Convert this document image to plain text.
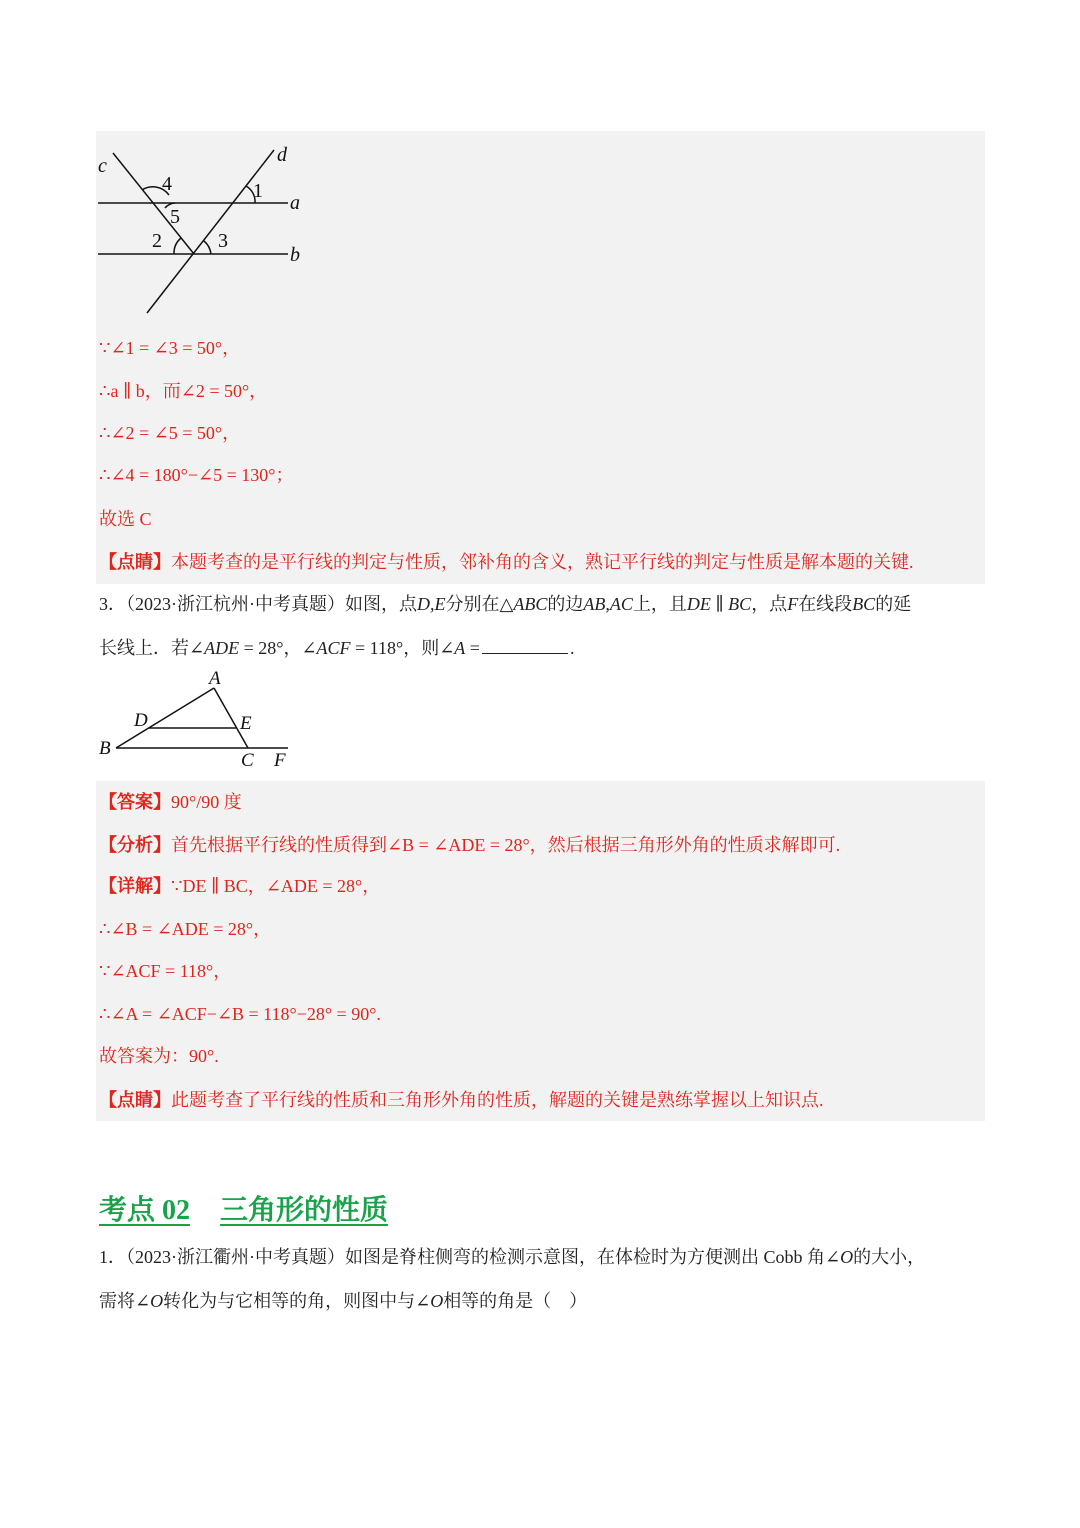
c	d
a
b
1
2	3
4
5
∵∠1 = ∠3 = 50°，
∴a ∥ b，而∠2 = 50°，
∴∠2 = ∠5 = 50°，
∴∠4 = 180°−∠5 = 130°；
故选 C
【点睛】本题考查的是平行线的判定与性质，邻补角的含义，熟记平行线的判定与性质是解本题的关键.
3．（2023·浙江杭州·中考真题）如图，点D,E分别在△ABC的边AB,AC上，且DE ∥ BC，点F在线段BC的延
长线上．若∠ADE = 28°，∠ACF = 118°，则∠A =	.
A
D	E
B
C F
【答案】90°/90 度
【分析】首先根据平行线的性质得到∠B = ∠ADE = 28°，然后根据三角形外角的性质求解即可.
【详解】∵DE ∥ BC，∠ADE = 28°，
∴∠B = ∠ADE = 28°，
∵∠ACF = 118°，
∴∠A = ∠ACF−∠B = 118°−28° = 90°.
故答案为：90°.
【点睛】此题考查了平行线的性质和三角形外角的性质，解题的关键是熟练掌握以上知识点.
考点 02 三角形的性质
1．（2023·浙江衢州·中考真题）如图是脊柱侧弯的检测示意图，在体检时为方便测出 Cobb 角∠O的大小，
需将∠O转化为与它相等的角，则图中与∠O相等的角是（　）
